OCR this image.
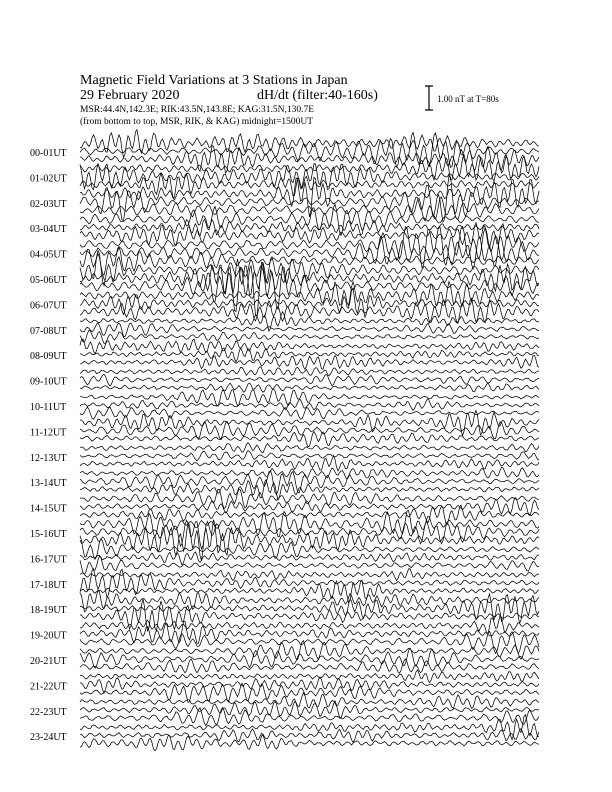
Magnetic Field Variations at 3 Stations in Japan
29 February 2020	dH/dt (filter:40-160s)
MSR:44.4N,142.3E; RIK:43.5N,143.8E; KAG:31.5N,130.7E
(from bottom to top, MSR, RIK, & KAG) midnight=1500UT
1.00 nT at T=80s
00-01UT
01-02UT
02-03UT
03-04UT
04-05UT
05-06UT
06-07UT
07-08UT
08-09UT
09-10UT
10-11UT
11-12UT
12-13UT
13-14UT
14-15UT
15-16UT
16-17UT
17-18UT
18-19UT
19-20UT
20-21UT
21-22UT
22-23UT
23-24UT
